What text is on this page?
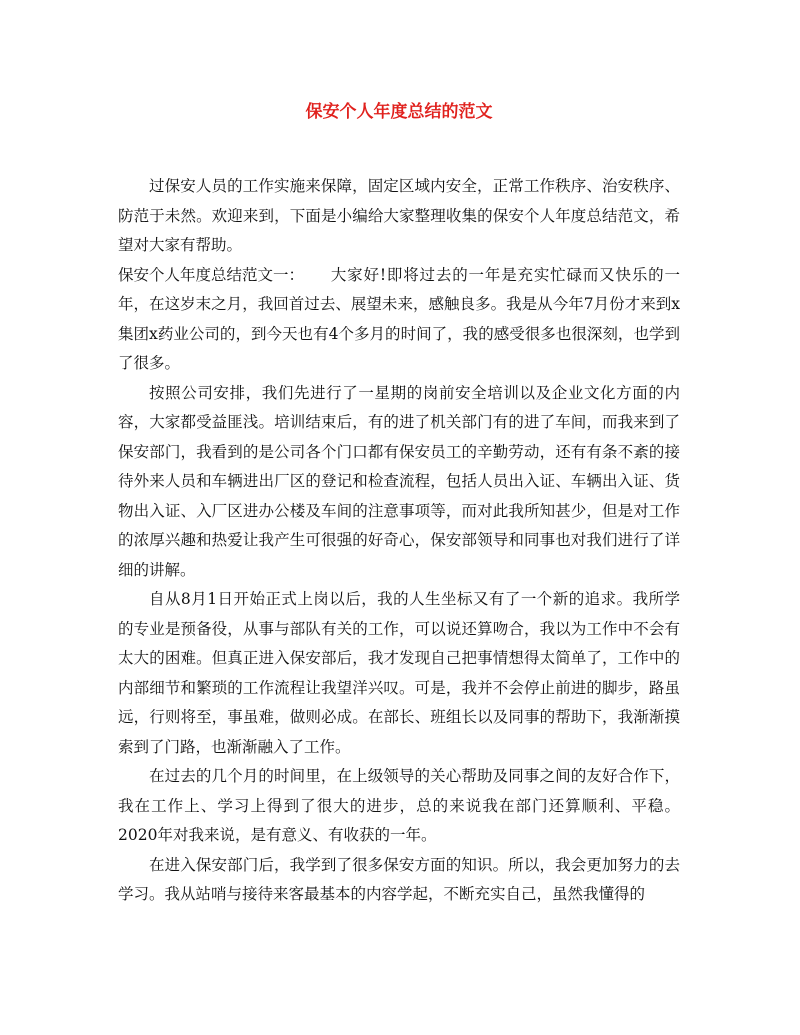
保安个人年度总结的范文

过保安人员的工作实施来保障，固定区域内安全，正常工作秩序、治安秩序、防范于未然。欢迎来到，下面是小编给大家整理收集的保安个人年度总结范文，希望对大家有帮助。

保安个人年度总结范文一： 大家好!即将过去的一年是充实忙碌而又快乐的一年，在这岁末之月，我回首过去、展望未来，感触良多。我是从今年7月份才来到x集团x药业公司的，到今天也有4个多月的时间了，我的感受很多也很深刻，也学到了很多。

按照公司安排，我们先进行了一星期的岗前安全培训以及企业文化方面的内容，大家都受益匪浅。培训结束后，有的进了机关部门有的进了车间，而我来到了保安部门，我看到的是公司各个门口都有保安员工的辛勤劳动，还有有条不紊的接待外来人员和车辆进出厂区的登记和检查流程，包括人员出入证、车辆出入证、货物出入证、入厂区进办公楼及车间的注意事项等，而对此我所知甚少，但是对工作的浓厚兴趣和热爱让我产生可很强的好奇心，保安部领导和同事也对我们进行了详细的讲解。

自从8月1日开始正式上岗以后，我的人生坐标又有了一个新的追求。我所学的专业是预备役，从事与部队有关的工作，可以说还算吻合，我以为工作中不会有太大的困难。但真正进入保安部后，我才发现自己把事情想得太简单了，工作中的内部细节和繁琐的工作流程让我望洋兴叹。可是，我并不会停止前进的脚步，路虽远，行则将至，事虽难，做则必成。在部长、班组长以及同事的帮助下，我渐渐摸索到了门路，也渐渐融入了工作。

在过去的几个月的时间里，在上级领导的关心帮助及同事之间的友好合作下，我在工作上、学习上得到了很大的进步，总的来说我在部门还算顺利、平稳。2020年对我来说，是有意义、有收获的一年。

在进入保安部门后，我学到了很多保安方面的知识。所以，我会更加努力的去学习。我从站哨与接待来客最基本的内容学起，不断充实自己，虽然我懂得的
